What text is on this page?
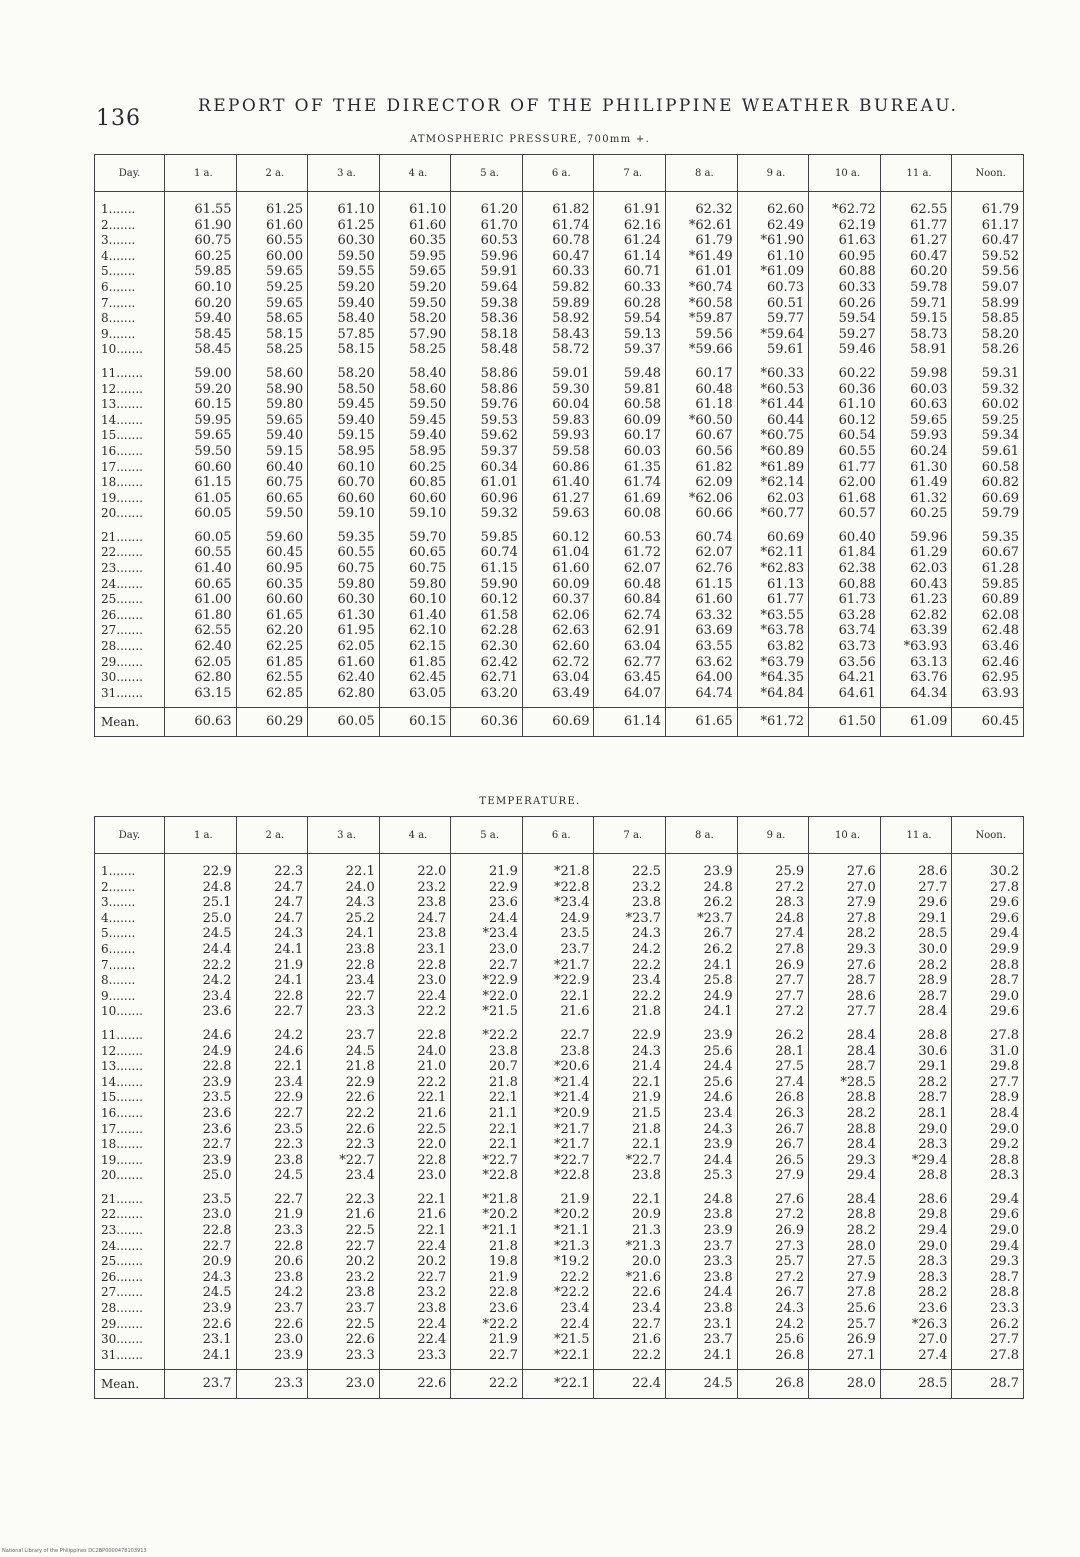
136	REPORT OF THE DIRECTOR OF THE PHILIPPINE WEATHER BUREAU.
ATMOSPHERIC PRESSURE, 700mm +.
Day.	1 a.	2 a.	3 a.	4 a.	5 a.	6 a.	7 a.	8 a.	9 a.	10 a.	11 a.	Noon.
1.......	61.55	61.25	61.10	61.10	61.20	61.82	61.91	62.32	62.60	*62.72	62.55	61.79
2.......	61.90	61.60	61.25	61.60	61.70	61.74	62.16	*62.61	62.49	62.19	61.77	61.17
3.......	60.75	60.55	60.30	60.35	60.53	60.78	61.24	61.79	*61.90	61.63	61.27	60.47
4.......	60.25	60.00	59.50	59.95	59.96	60.47	61.14	*61.49	61.10	60.95	60.47	59.52
5.......	59.85	59.65	59.55	59.65	59.91	60.33	60.71	61.01	*61.09	60.88	60.20	59.56
6.......	60.10	59.25	59.20	59.20	59.64	59.82	60.33	*60.74	60.73	60.33	59.78	59.07
7.......	60.20	59.65	59.40	59.50	59.38	59.89	60.28	*60.58	60.51	60.26	59.71	58.99
8.......	59.40	58.65	58.40	58.20	58.36	58.92	59.54	*59.87	59.77	59.54	59.15	58.85
9.......	58.45	58.15	57.85	57.90	58.18	58.43	59.13	59.56	*59.64	59.27	58.73	58.20
10.......	58.45	58.25	58.15	58.25	58.48	58.72	59.37	*59.66	59.61	59.46	58.91	58.26
11.......	59.00	58.60	58.20	58.40	58.86	59.01	59.48	60.17	*60.33	60.22	59.98	59.31
12.......	59.20	58.90	58.50	58.60	58.86	59.30	59.81	60.48	*60.53	60.36	60.03	59.32
13.......	60.15	59.80	59.45	59.50	59.76	60.04	60.58	61.18	*61.44	61.10	60.63	60.02
14.......	59.95	59.65	59.40	59.45	59.53	59.83	60.09	*60.50	60.44	60.12	59.65	59.25
15.......	59.65	59.40	59.15	59.40	59.62	59.93	60.17	60.67	*60.75	60.54	59.93	59.34
16.......	59.50	59.15	58.95	58.95	59.37	59.58	60.03	60.56	*60.89	60.55	60.24	59.61
17.......	60.60	60.40	60.10	60.25	60.34	60.86	61.35	61.82	*61.89	61.77	61.30	60.58
18.......	61.15	60.75	60.70	60.85	61.01	61.40	61.74	62.09	*62.14	62.00	61.49	60.82
19.......	61.05	60.65	60.60	60.60	60.96	61.27	61.69	*62.06	62.03	61.68	61.32	60.69
20.......	60.05	59.50	59.10	59.10	59.32	59.63	60.08	60.66	*60.77	60.57	60.25	59.79
21.......	60.05	59.60	59.35	59.70	59.85	60.12	60.53	60.74	60.69	60.40	59.96	59.35
22.......	60.55	60.45	60.55	60.65	60.74	61.04	61.72	62.07	*62.11	61.84	61.29	60.67
23.......	61.40	60.95	60.75	60.75	61.15	61.60	62.07	62.76	*62.83	62.38	62.03	61.28
24.......	60.65	60.35	59.80	59.80	59.90	60.09	60.48	61.15	61.13	60.88	60.43	59.85
25.......	61.00	60.60	60.30	60.10	60.12	60.37	60.84	61.60	61.77	61.73	61.23	60.89
26.......	61.80	61.65	61.30	61.40	61.58	62.06	62.74	63.32	*63.55	63.28	62.82	62.08
27.......	62.55	62.20	61.95	62.10	62.28	62.63	62.91	63.69	*63.78	63.74	63.39	62.48
28.......	62.40	62.25	62.05	62.15	62.30	62.60	63.04	63.55	63.82	63.73	*63.93	63.46
29.......	62.05	61.85	61.60	61.85	62.42	62.72	62.77	63.62	*63.79	63.56	63.13	62.46
30.......	62.80	62.55	62.40	62.45	62.71	63.04	63.45	64.00	*64.35	64.21	63.76	62.95
31.......	63.15	62.85	62.80	63.05	63.20	63.49	64.07	64.74	*64.84	64.61	64.34	63.93
Mean.	60.63	60.29	60.05	60.15	60.36	60.69	61.14	61.65	*61.72	61.50	61.09	60.45
TEMPERATURE.
Day.	1 a.	2 a.	3 a.	4 a.	5 a.	6 a.	7 a.	8 a.	9 a.	10 a.	11 a.	Noon.
1.......	22.9	22.3	22.1	22.0	21.9	*21.8	22.5	23.9	25.9	27.6	28.6	30.2
2.......	24.8	24.7	24.0	23.2	22.9	*22.8	23.2	24.8	27.2	27.0	27.7	27.8
3.......	25.1	24.7	24.3	23.8	23.6	*23.4	23.8	26.2	28.3	27.9	29.6	29.6
4.......	25.0	24.7	25.2	24.7	24.4	24.9	*23.7	*23.7	24.8	27.8	29.1	29.6
5.......	24.5	24.3	24.1	23.8	*23.4	23.5	24.3	26.7	27.4	28.2	28.5	29.4
6.......	24.4	24.1	23.8	23.1	23.0	23.7	24.2	26.2	27.8	29.3	30.0	29.9
7.......	22.2	21.9	22.8	22.8	22.7	*21.7	22.2	24.1	26.9	27.6	28.2	28.8
8.......	24.2	24.1	23.4	23.0	*22.9	*22.9	23.4	25.8	27.7	28.7	28.9	28.7
9.......	23.4	22.8	22.7	22.4	*22.0	22.1	22.2	24.9	27.7	28.6	28.7	29.0
10.......	23.6	22.7	23.3	22.2	*21.5	21.6	21.8	24.1	27.2	27.7	28.4	29.6
11.......	24.6	24.2	23.7	22.8	*22.2	22.7	22.9	23.9	26.2	28.4	28.8	27.8
12.......	24.9	24.6	24.5	24.0	23.8	23.8	24.3	25.6	28.1	28.4	30.6	31.0
13.......	22.8	22.1	21.8	21.0	20.7	*20.6	21.4	24.4	27.5	28.7	29.1	29.8
14.......	23.9	23.4	22.9	22.2	21.8	*21.4	22.1	25.6	27.4	*28.5	28.2	27.7
15.......	23.5	22.9	22.6	22.1	22.1	*21.4	21.9	24.6	26.8	28.8	28.7	28.9
16.......	23.6	22.7	22.2	21.6	21.1	*20.9	21.5	23.4	26.3	28.2	28.1	28.4
17.......	23.6	23.5	22.6	22.5	22.1	*21.7	21.8	24.3	26.7	28.8	29.0	29.0
18.......	22.7	22.3	22.3	22.0	22.1	*21.7	22.1	23.9	26.7	28.4	28.3	29.2
19.......	23.9	23.8	*22.7	22.8	*22.7	*22.7	*22.7	24.4	26.5	29.3	*29.4	28.8
20.......	25.0	24.5	23.4	23.0	*22.8	*22.8	23.8	25.3	27.9	29.4	28.8	28.3
21.......	23.5	22.7	22.3	22.1	*21.8	21.9	22.1	24.8	27.6	28.4	28.6	29.4
22.......	23.0	21.9	21.6	21.6	*20.2	*20.2	20.9	23.8	27.2	28.8	29.8	29.6
23.......	22.8	23.3	22.5	22.1	*21.1	*21.1	21.3	23.9	26.9	28.2	29.4	29.0
24.......	22.7	22.8	22.7	22.4	21.8	*21.3	*21.3	23.7	27.3	28.0	29.0	29.4
25.......	20.9	20.6	20.2	20.2	19.8	*19.2	20.0	23.3	25.7	27.5	28.3	29.3
26.......	24.3	23.8	23.2	22.7	21.9	22.2	*21.6	23.8	27.2	27.9	28.3	28.7
27.......	24.5	24.2	23.8	23.2	22.8	*22.2	22.6	24.4	26.7	27.8	28.2	28.8
28.......	23.9	23.7	23.7	23.8	23.6	23.4	23.4	23.8	24.3	25.6	23.6	23.3
29.......	22.6	22.6	22.5	22.4	*22.2	22.4	22.7	23.1	24.2	25.7	*26.3	26.2
30.......	23.1	23.0	22.6	22.4	21.9	*21.5	21.6	23.7	25.6	26.9	27.0	27.7
31.......	24.1	23.9	23.3	23.3	22.7	*22.1	22.2	24.1	26.8	27.1	27.4	27.8
Mean.	23.7	23.3	23.0	22.6	22.2	*22.1	22.4	24.5	26.8	28.0	28.5	28.7
National Library of the Philippines DC2BP0000478103913
